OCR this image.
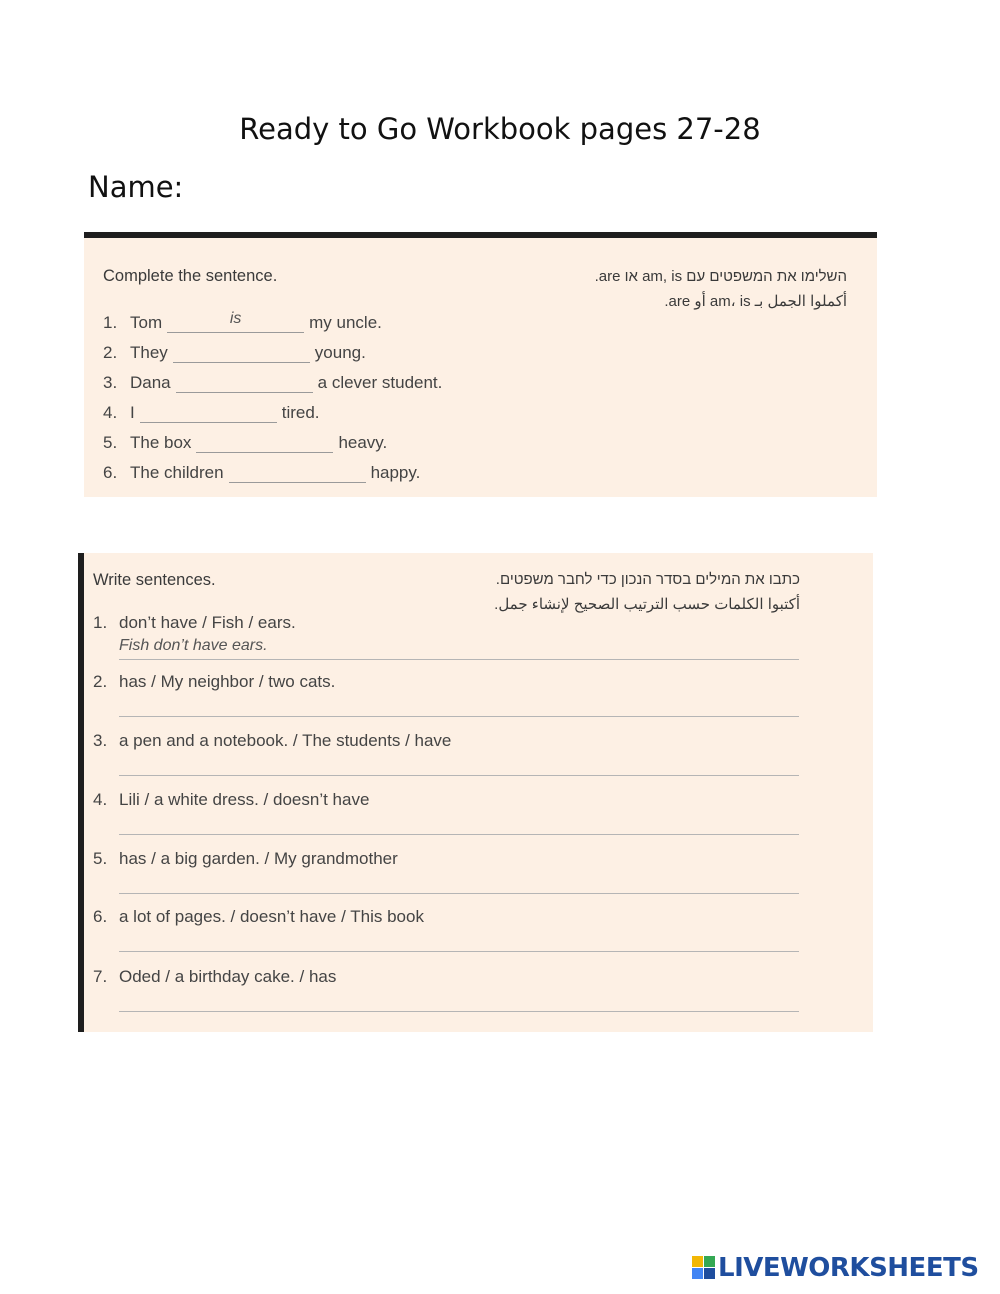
Ready to Go Workbook pages 27-28
Name:
Complete the sentence.	השלימו את המשפטים עם am, is או are.
أكملوا الجمل بـ am، is أو are.
1. Tom	is	my uncle.
2. They	young.
3. Dana	a clever student.
4. I	tired.
5. The box	heavy.
6. The children	happy.
Write sentences.	כתבו את המילים בסדר הנכון כדי לחבר משפטים.
أكتبوا الكلمات حسب الترتيب الصحيح لإنشاء جمل.
1. don’t have / Fish / ears.
Fish don’t have ears.
2. has / My neighbor / two cats.
3. a pen and a notebook. / The students / have
4. Lili / a white dress. / doesn’t have
5. has / a big garden. / My grandmother
6. a lot of pages. / doesn’t have / This book
7. Oded / a birthday cake. / has
LIVEWORKSHEETS
